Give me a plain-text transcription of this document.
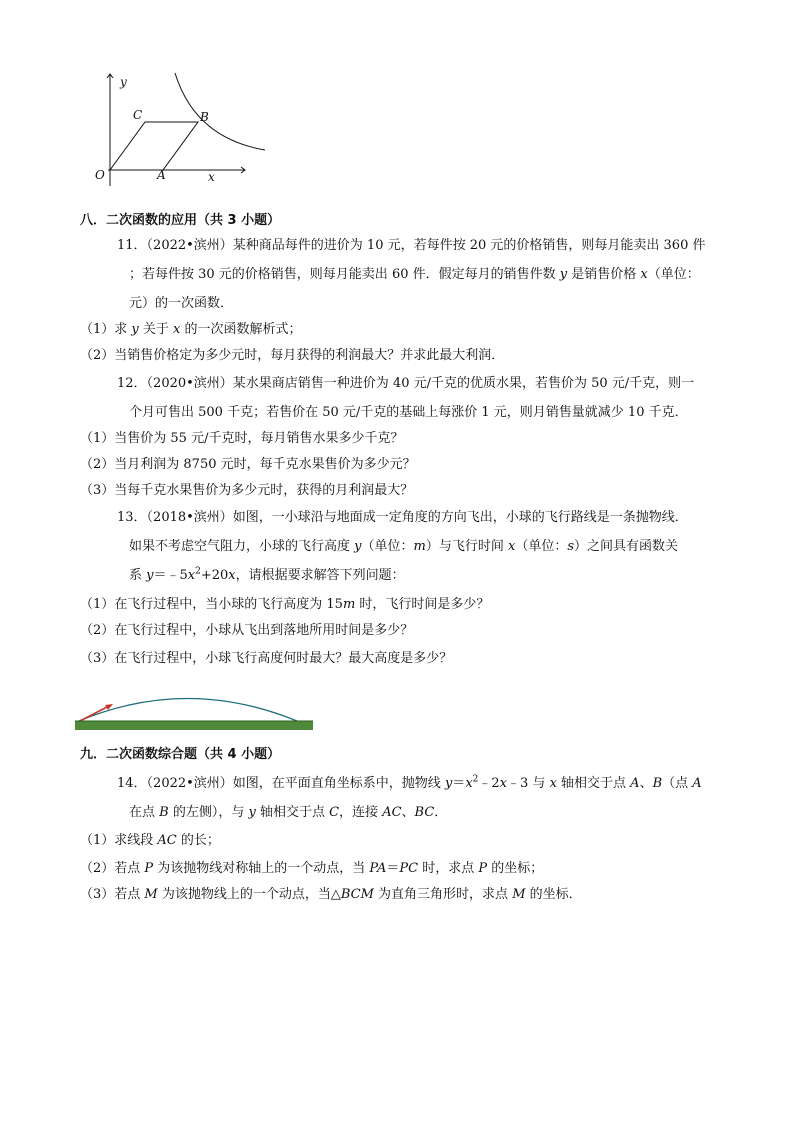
y
x
O	A
B
C
八．二次函数的应用（共 3 小题）
11．（2022•滨州）某种商品每件的进价为 10 元，若每件按 20 元的价格销售，则每月能卖出 360 件
；若每件按 30 元的价格销售，则每月能卖出 60 件．假定每月的销售件数 y 是销售价格 x（单位：
元）的一次函数．
（1）求 y 关于 x 的一次函数解析式；
（2）当销售价格定为多少元时，每月获得的利润最大？并求此最大利润．
12．（2020•滨州）某水果商店销售一种进价为 40 元/千克的优质水果，若售价为 50 元/千克，则一
个月可售出 500 千克；若售价在 50 元/千克的基础上每涨价 1 元，则月销售量就减少 10 千克．
（1）当售价为 55 元/千克时，每月销售水果多少千克？
（2）当月利润为 8750 元时，每千克水果售价为多少元？
（3）当每千克水果售价为多少元时，获得的月利润最大？
13．（2018•滨州）如图，一小球沿与地面成一定角度的方向飞出，小球的飞行路线是一条抛物线．
如果不考虑空气阻力，小球的飞行高度 y（单位：m）与飞行时间 x（单位：s）之间具有函数关
系 $y=﹣5x^2+20x$，请根据要求解答下列问题：
（1）在飞行过程中，当小球的飞行高度为 15m 时，飞行时间是多少？
（2）在飞行过程中，小球从飞出到落地所用时间是多少？
（3）在飞行过程中，小球飞行高度何时最大？最大高度是多少？
九．二次函数综合题（共 4 小题）
14．（2022•滨州）如图，在平面直角坐标系中，抛物线 $y=x^2﹣2x﹣3$ 与 x 轴相交于点 A、B（点 A
在点 B 的左侧），与 y 轴相交于点 C，连接 AC、BC．
（1）求线段 AC 的长；
（2）若点 P 为该抛物线对称轴上的一个动点，当 PA＝PC 时，求点 P 的坐标；
（3）若点 M 为该抛物线上的一个动点，当△BCM 为直角三角形时，求点 M 的坐标．
